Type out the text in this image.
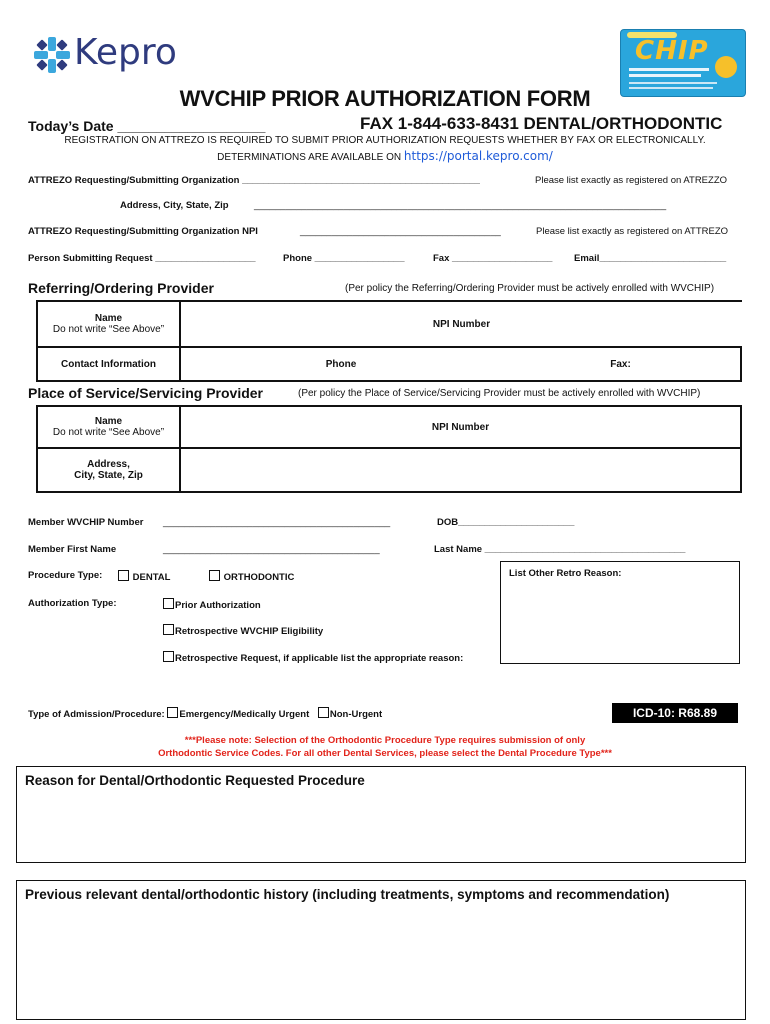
Kepro	CHIP
WVCHIP PRIOR AUTHORIZATION FORM
Today’s Date ___________________	FAX 1-844-633-8431 DENTAL/ORTHODONTIC
REGISTRATION ON ATTREZO IS REQUIRED TO SUBMIT PRIOR AUTHORIZATION REQUESTS WHETHER BY FAX OR ELECTRONICALLY.
DETERMINATIONS ARE AVAILABLE ON https://portal.kepro.com/
ATTREZO Requesting/Submitting Organization _____________________________________________	Please list exactly as registered on ATREZZO
Address, City, State, Zip	______________________________________________________________________________
ATTREZO Requesting/Submitting Organization NPI	______________________________________	Please list exactly as registered on ATTREZO
Person Submitting Request ___________________	Phone _________________	Fax ___________________ Email________________________
Referring/Ordering Provider	(Per policy the Referring/Ordering Provider must be actively enrolled with WVCHIP)
Name
Do not write “See Above”	NPI Number
Contact Information	Phone	Fax:
Place of Service/Servicing Provider	(Per policy the Place of Service/Servicing Provider must be actively enrolled with WVCHIP)
Name
Do not write “See Above”	NPI Number

Address,
City, State, Zip	

Member WVCHIP Number ___________________________________________	DOB______________________
Member First Name	_________________________________________	Last Name ______________________________________
Procedure Type:	DENTAL	ORTHODONTIC
Authorization Type:	Prior Authorization
Retrospective WVCHIP Eligibility
Retrospective Request, if applicable list the appropriate reason:
List Other Retro Reason:
Type of Admission/Procedure: Emergency/Medically Urgent Non-Urgent	ICD-10: R68.89
***Please note: Selection of the Orthodontic Procedure Type requires submission of only
Orthodontic Service Codes. For all other Dental Services, please select the Dental Procedure Type***
Reason for Dental/Orthodontic Requested Procedure
Previous relevant dental/orthodontic history (including treatments, symptoms and recommendation)
